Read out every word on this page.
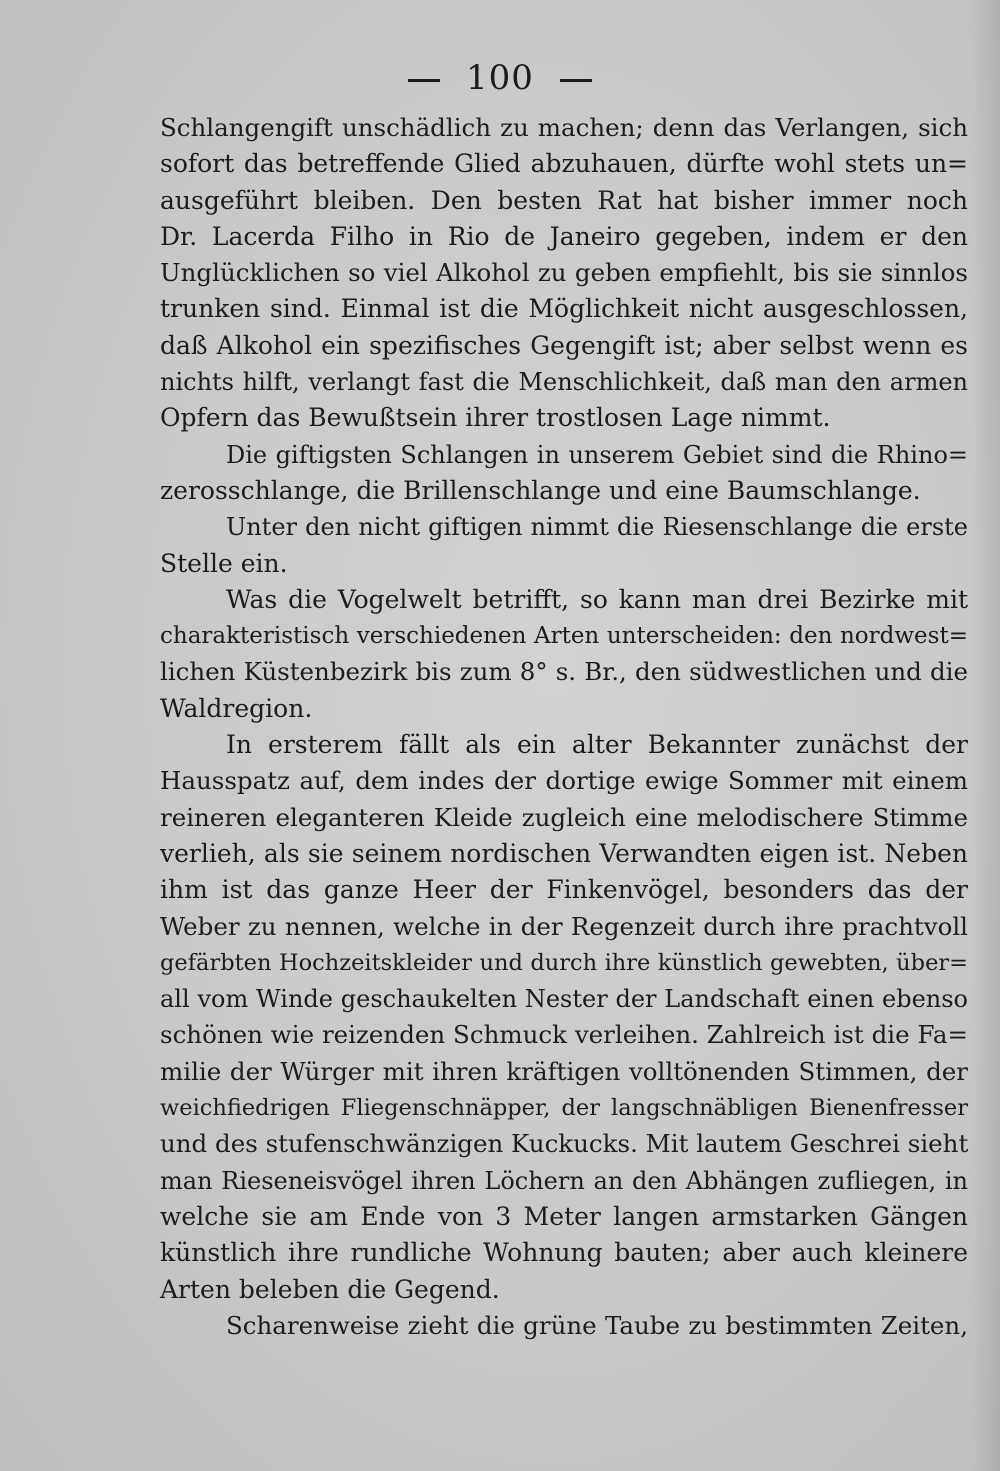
100
Schlangengift unschädlich zu machen; denn das Verlangen, sich
sofort das betreffende Glied abzuhauen, dürfte wohl stets un=
ausgeführt bleiben. Den besten Rat hat bisher immer noch
Dr. Lacerda Filho in Rio de Janeiro gegeben, indem er den
Unglücklichen so viel Alkohol zu geben empfiehlt, bis sie sinnlos
trunken sind. Einmal ist die Möglichkeit nicht ausgeschlossen,
daß Alkohol ein spezifisches Gegengift ist; aber selbst wenn es
nichts hilft, verlangt fast die Menschlichkeit, daß man den armen
Opfern das Bewußtsein ihrer trostlosen Lage nimmt.
Die giftigsten Schlangen in unserem Gebiet sind die Rhino=
zerosschlange, die Brillenschlange und eine Baumschlange.
Unter den nicht giftigen nimmt die Riesenschlange die erste
Stelle ein.
Was die Vogelwelt betrifft, so kann man drei Bezirke mit
charakteristisch verschiedenen Arten unterscheiden: den nordwest=
lichen Küstenbezirk bis zum 8° s. Br., den südwestlichen und die
Waldregion.
In ersterem fällt als ein alter Bekannter zunächst der
Hausspatz auf, dem indes der dortige ewige Sommer mit einem
reineren eleganteren Kleide zugleich eine melodischere Stimme
verlieh, als sie seinem nordischen Verwandten eigen ist. Neben
ihm ist das ganze Heer der Finkenvögel, besonders das der
Weber zu nennen, welche in der Regenzeit durch ihre prachtvoll
gefärbten Hochzeitskleider und durch ihre künstlich gewebten, über=
all vom Winde geschaukelten Nester der Landschaft einen ebenso
schönen wie reizenden Schmuck verleihen. Zahlreich ist die Fa=
milie der Würger mit ihren kräftigen volltönenden Stimmen, der
weichfiedrigen Fliegenschnäpper, der langschnäbligen Bienenfresser
und des stufenschwänzigen Kuckucks. Mit lautem Geschrei sieht
man Rieseneisvögel ihren Löchern an den Abhängen zufliegen, in
welche sie am Ende von 3 Meter langen armstarken Gängen
künstlich ihre rundliche Wohnung bauten; aber auch kleinere
Arten beleben die Gegend.
Scharenweise zieht die grüne Taube zu bestimmten Zeiten,
